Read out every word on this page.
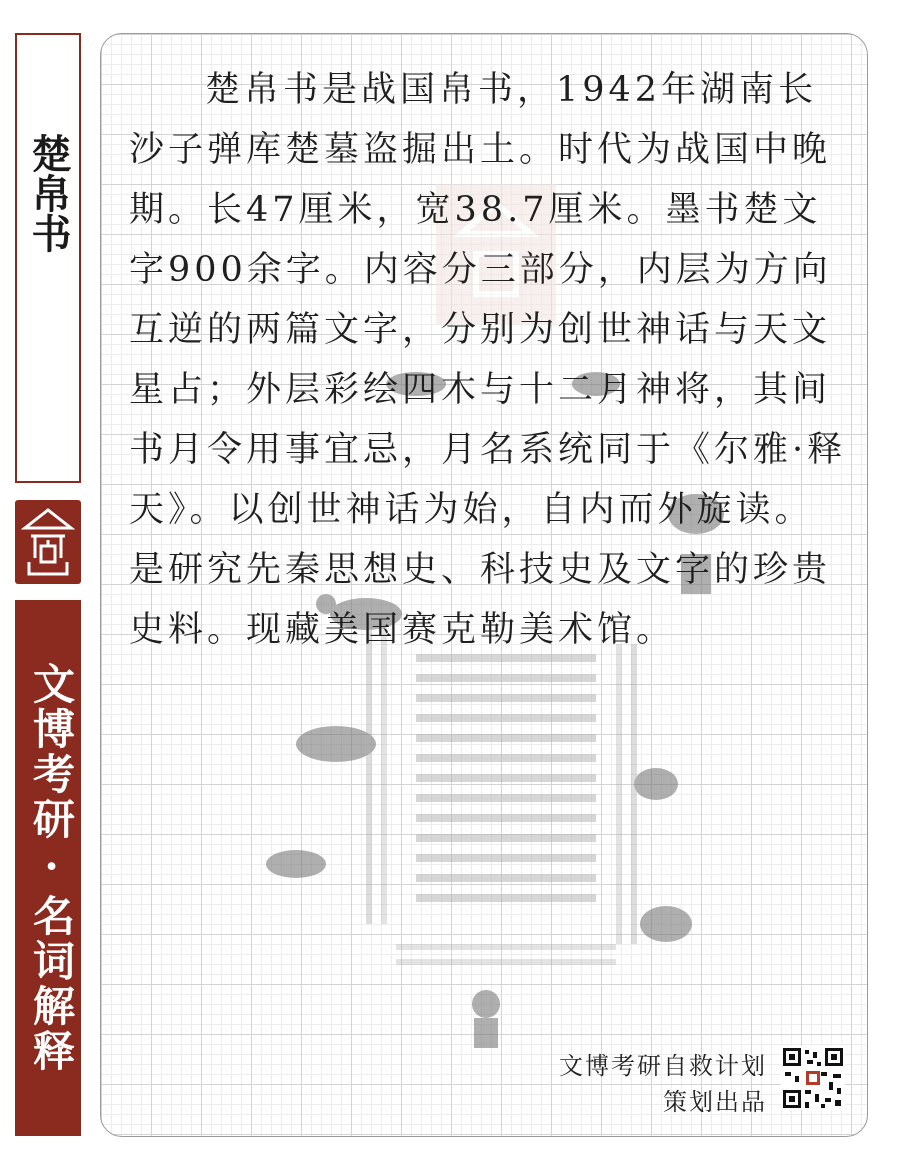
楚帛书
文博考研·名词解释

楚帛书是战国帛书，1942年湖南长沙子弹库楚墓盗掘出土。时代为战国中晚期。长47厘米，宽38.7厘米。墨书楚文字900余字。内容分三部分，内层为方向互逆的两篇文字，分别为创世神话与天文星占；外层彩绘四木与十二月神将，其间书月令用事宜忌，月名系统同于《尔雅·释天》。以创世神话为始，自内而外旋读。是研究先秦思想史、科技史及文字的珍贵史料。现藏美国赛克勒美术馆。

文博考研自救计划
策划出品
